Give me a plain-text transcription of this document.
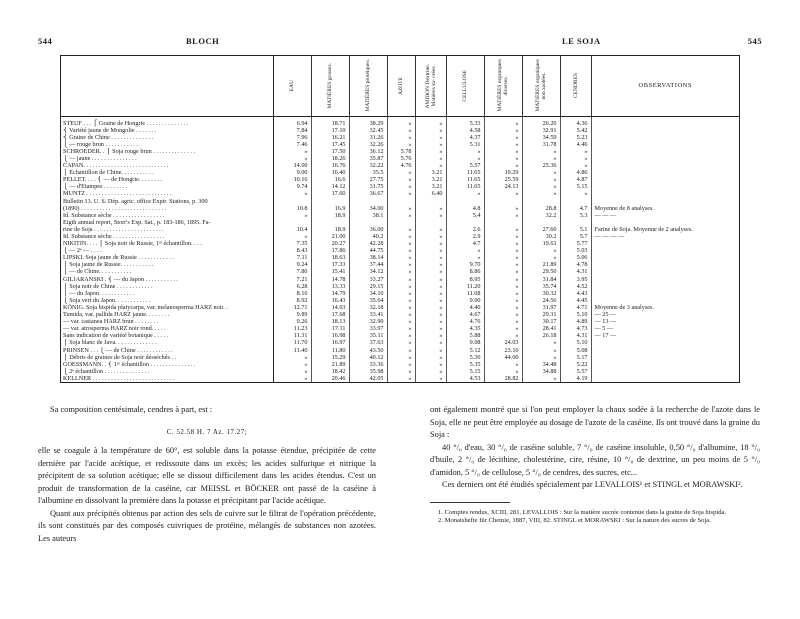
544	BLOCH	LE SOJA	545

	EAU	MATIÈRES grasses.	MATIÈRES protéiques.	AZOTE	AMIDON Dextrine. Matières su- crées.	CELLULOSE	MATIÈRES organiques diverses.	MATIÈRES organiques non azotées.	CENDRES	OBSERVATIONS
STEUF . . . ⎧ Graine de Hongrie . . . . . . . . . . . . . .	6.94	18.71	38.29	»	»	5.33	»	26.20	4.36	
⎨ Variété jaune de Mongolie . . . . . . .	7.84	17.10	32.45	»	»	4.58	»	32.91	5.42	
⎨ Graine de Chine . . . . . . . . . . . . . .	7.96	16.21	31.26	»	»	4.37	»	34.59	5.23	
⎩ — rouge brun . . . . . . . . . . .	7.46	17.45	32.26	»	»	5.31	»	31.78	4.46	
SCHROEDER. . ⎧ Soja rouge brun . . . . . . . . . . . . . .	»	17.50	36.12	5.78	»	»	»	»	»	
⎩ — jaune . . . . . . . . . . . . . . .	»	18.26	35.87	5.76	»	»	»	»	»	
CAPAN. . . . . . . . . . . . . . . . . . . . . . . . . . . .	14.00	16.76	32.22	4.76	»	5.57	»	25.36	»	
⎧ Échantillon de Chine. . . . . . . . . . .	9.00	16.40	35.5	»	3.21	11.65	19.29	»	4.86	
PELLET. . . . ⎨ — de Hongrie. . . . . . . .	10.16	16.6	27.75	»	3.21	11.65	25.59	»	4.87	
⎩ — d'Etampes . . . . . . . .	9.74	14.12	31.75	»	3.21	11.65	24.13	»	5.15	
MUNTZ . . . . . . . . . . . . . . . . . . . . . . . . . . . .	»	17.60	36.67	»	6.40	»	»	»	»	
Bulletin 13. U. S. Dép. agric. office Expir. Stations, p. 300										
(1890) . . . . . . . . . . . . . . . . . . . . . . . . . . . .	10.8	16.9	34.00	»	»	4.8	»	28.8	4.7	Moyenne de 8 analyses.
Id. Substance sèche . . . . . . . . . . . . . . . . .	»	18.9	38.1	»	»	5.4	»	32.2	5.3	— — —
Eigth annual report, Storr's Exp. Sat., p. 183-186, 1895. Fa-										
rine de Soja . . . . . . . . . . . . . . . . . . . . . . .	10.4	18.9	36.00	»	»	2.6	»	27.60	5.1	Farine de Soja. Moyenne de 2 analyses.
Id. Substance sèche . . . . . . . . . . . . . . . . .	»	21.00	40.2	»	»	2.9	»	30.2	5.7	— — — —
NIKITIN. . . . ⎧ Soja noir de Russie, 1ᵉʳ échantillon. . . .	7.35	20.27	42.28	»	»	4.7	»	19.63	5.77	
⎩ — 2ᵉ — . . . .	8.43	17.86	44.75	»	»	»	»	»	5.03	
LIPSKI. Soja jaune de Russie . . . . . . . . . . . .	7.11	18.63	38.14	»	»	»	»	»	5.06	
⎧ Soja jaune de Russie. . . . . . . . . . .	9.24	17.33	37.44	»	»	9.70	»	21.89	4.78	
⎪ — de Chine. . . . . . . . . . .	7.80	15.41	34.12	»	»	8.86	»	29.50	4.31	
GILJARANSKI . ⎨ — du Japon . . . . . . . . . . .	7.21	14.78	33.27	»	»	8.95	»	31.84	3.95	
⎪ Soja noir de Chine . . . . . . . . . . . .	6.28	13.33	29.15	»	»	11.20	»	35.74	4.52	
⎪ — du Japon. . . . . . . . . . . .	8.16	14.79	34.10	»	»	11.08	»	30.32	4.43	
⎩ Soja vert du Japon. . . . . . . . . . . .	8.92	16.43	35.64	»	»	9.00	»	24.56	4.45	
KÖNIG. Soja hispida platycarpa, var. melanosperma HARZ noir. .	12.71	14.03	32.18	»	»	4.40	»	31.97	4.71	Moyenne de 3 analyses.
Tumida, var. pallida HARZ jaune. . . . . . . .	9.89	17.68	33.41	»	»	4.67	»	29.31	5.10	— 25 —
— var. castanea HARZ brun . . . . . . . .	9.26	18.13	32.90	»	»	4.76	»	30.17	4.89	— 13 —
— var. atrosperma HARZ noir rond. . . . .	11.23	17.11	33.97	»	»	4.35	»	28.41	4.73	— 5 —
Sans indication de variété botanique . . . . .	11.31	16.98	35.11	»	»	5.88	»	26.18	4.31	— 17 —
⎧ Soja blanc de Java. . . . . . . . . . . . . .	11.70	16.97	37.63	»	»	9.08	24.03	»	5.10	
PRINSEN . . . ⎩ — de Chine . . . . . . . . . . . .	11.40	11.80	43.50	»	»	5.12	23.10	»	5.08	
⎧ Débris de graines de Soja noir désséchés . .	»	15.29	40.12	»	»	5.30	44.00	»	5.17	
GOESSMANN. . ⎨ 1ᵉʳ échantillon . . . . . . . . . . . . . . .	»	21.89	33.36	»	»	5.35	»	34.48	5.22	
⎩ 2ᵉ échantillon . . . . . . . . . . . . . . .	»	18.42	35.98	»	»	5.15	»	34.88	5.57	
KELLNER . . . . . . . . . . . . . . . . . . . . . . . . . . .	»	20.46	42.05	»	»	4.53	28.82	»	4.19	

Sa composition centésimale, cendres à part, est :

C. 52.58 H. 7 Az. 17.27;

elle se coagule à la température de 60°, est soluble dans la potasse étendue, précipitée de cette dernière par l'acide acétique, et redissoute dans un excès; les acides sulfurique et nitrique la précipitent de sa solution acétique; elle se dissout difficilement dans les acides étendus. C'est un produit de transformation de la caséine, car MEISSL et BÖCKER ont passé de la caséine à l'albumine en dissolvant la première dans la potasse et précipitant par l'acide acétique.

Quant aux précipités obtenus par action des sels de cuivre sur le filtrat de l'opération précédente, ils sont constitués par des composés cuivriques de protéine, mélangés de substances non azotées. Les auteurs

ont également montré que si l'on peut employer la chaux sodée à la recherche de l'azote dans le Soja, elle ne peut être employée au dosage de l'azote de la caséine. Ils ont trouvé dans la graine du Soja :

40 °/₀ d'eau, 30 °/₀ de caséine soluble, 7 °/₀ de caséine insoluble, 0,50 °/₀ d'albumine, 18 °/₀ d'huile, 2 °/₀ de lécithine, cholestérine, cire, résine, 10 °/₀ de dextrine, un peu moins de 5 °/₀ d'amidon, 5 °/₀ de cellulose, 5 °/₀ de cendres, des sucres, etc...

Ces derniers ont été étudiés spécialement par LEVALLOIS¹ et STINGL et MORAWSKI².

1. Comptes rendus, XCIII, 281. LEVALLOIS : Sur la matière sucrée contenue dans la graine de Soja hispida.

2. Monatshefte für Chemie, 1887, VIII, 82. STINGL et MORAWSKI : Sur la nature des sucres de Soja.
